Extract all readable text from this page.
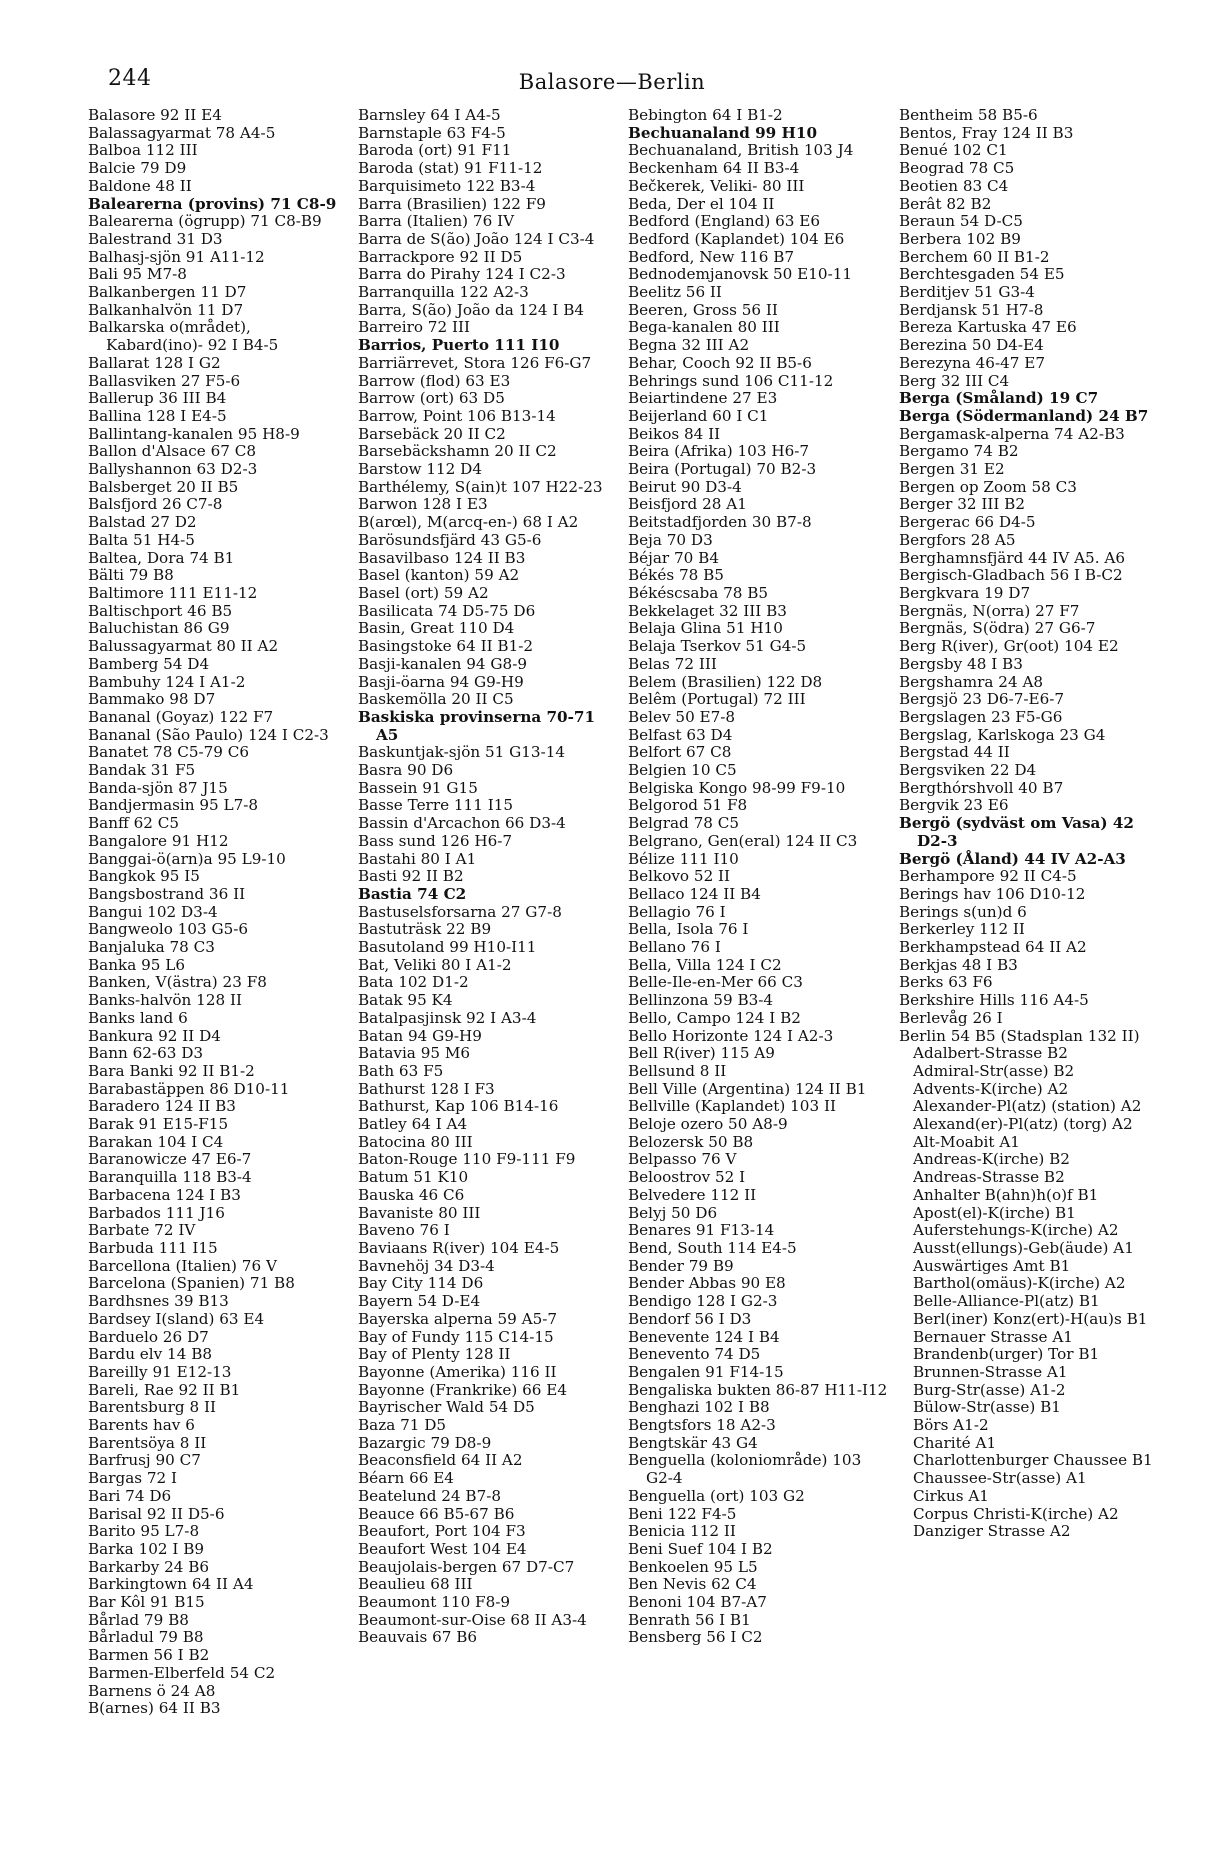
244	Balasore—Berlin
Balasore 92 II E4
Balassagyarmat 78 A4-5
Balboa 112 III
Balcie 79 D9
Baldone 48 II
Balearerna (provins) 71 C8-9
Balearerna (ögrupp) 71 C8-B9
Balestrand 31 D3
Balhasj-sjön 91 A11-12
Bali 95 M7-8
Balkanbergen 11 D7
Balkanhalvön 11 D7
Balkarska o(mrådet), Kabard(ino)- 92 I B4-5
Ballarat 128 I G2
Ballasviken 27 F5-6
Ballerup 36 III B4
Ballina 128 I E4-5
Ballintang-kanalen 95 H8-9
Ballon d'Alsace 67 C8
Ballyshannon 63 D2-3
Balsberget 20 II B5
Balsfjord 26 C7-8
Balstad 27 D2
Balta 51 H4-5
Baltea, Dora 74 B1
Bälti 79 B8
Baltimore 111 E11-12
Baltischport 46 B5
Baluchistan 86 G9
Balussagyarmat 80 II A2
Bamberg 54 D4
Bambuhy 124 I A1-2
Bammako 98 D7
Bananal (Goyaz) 122 F7
Bananal (São Paulo) 124 I C2-3
Banatet 78 C5-79 C6
Bandak 31 F5
Banda-sjön 87 J15
Bandjermasin 95 L7-8
Banff 62 C5
Bangalore 91 H12
Banggai-ö(arn)a 95 L9-10
Bangkok 95 I5
Bangsbostrand 36 II
Bangui 102 D3-4
Bangweolo 103 G5-6
Banjaluka 78 C3
Banka 95 L6
Banken, V(ästra) 23 F8
Banks-halvön 128 II
Banks land 6
Bankura 92 II D4
Bann 62-63 D3
Bara Banki 92 II B1-2
Barabastäppen 86 D10-11
Baradero 124 II B3
Barak 91 E15-F15
Barakan 104 I C4
Baranowicze 47 E6-7
Baranquilla 118 B3-4
Barbacena 124 I B3
Barbados 111 J16
Barbate 72 IV
Barbuda 111 I15
Barcellona (Italien) 76 V
Barcelona (Spanien) 71 B8
Bardhsnes 39 B13
Bardsey I(sland) 63 E4
Barduelo 26 D7
Bardu elv 14 B8
Bareilly 91 E12-13
Bareli, Rae 92 II B1
Barentsburg 8 II
Barents hav 6
Barentsöya 8 II
Barfrusj 90 C7
Bargas 72 I
Bari 74 D6
Barisal 92 II D5-6
Barito 95 L7-8
Barka 102 I B9
Barkarby 24 B6
Barkingtown 64 II A4
Bar Kôl 91 B15
Bårlad 79 B8
Bårladul 79 B8
Barmen 56 I B2
Barmen-Elberfeld 54 C2
Barnens ö 24 A8
B(arnes) 64 II B3
Barnsley 64 I A4-5
Barnstaple 63 F4-5
Baroda (ort) 91 F11
Baroda (stat) 91 F11-12
Barquisimeto 122 B3-4
Barra (Brasilien) 122 F9
Barra (Italien) 76 IV
Barra de S(ão) João 124 I C3-4
Barrackpore 92 II D5
Barra do Pirahy 124 I C2-3
Barranquilla 122 A2-3
Barra, S(ão) João da 124 I B4
Barreiro 72 III
Barrios, Puerto 111 I10
Barriärrevet, Stora 126 F6-G7
Barrow (flod) 63 E3
Barrow (ort) 63 D5
Barrow, Point 106 B13-14
Barsebäck 20 II C2
Barsebäckshamn 20 II C2
Barstow 112 D4
Barthélemy, S(ain)t 107 H22-23
Barwon 128 I E3
B(arœl), M(arcq-en-) 68 I A2
Barösundsfjärd 43 G5-6
Basavilbaso 124 II B3
Basel (kanton) 59 A2
Basel (ort) 59 A2
Basilicata 74 D5-75 D6
Basin, Great 110 D4
Basingstoke 64 II B1-2
Basji-kanalen 94 G8-9
Basji-öarna 94 G9-H9
Baskemölla 20 II C5
Baskiska provinserna 70-71 A5
Baskuntjak-sjön 51 G13-14
Basra 90 D6
Bassein 91 G15
Basse Terre 111 I15
Bassin d'Arcachon 66 D3-4
Bass sund 126 H6-7
Bastahi 80 I A1
Basti 92 II B2
Bastia 74 C2
Bastuselsforsarna 27 G7-8
Bastuträsk 22 B9
Basutoland 99 H10-I11
Bat, Veliki 80 I A1-2
Bata 102 D1-2
Batak 95 K4
Batalpasjinsk 92 I A3-4
Batan 94 G9-H9
Batavia 95 M6
Bath 63 F5
Bathurst 128 I F3
Bathurst, Kap 106 B14-16
Batley 64 I A4
Batocina 80 III
Baton-Rouge 110 F9-111 F9
Batum 51 K10
Bauska 46 C6
Bavaniste 80 III
Baveno 76 I
Baviaans R(iver) 104 E4-5
Bavnehöj 34 D3-4
Bay City 114 D6
Bayern 54 D-E4
Bayerska alperna 59 A5-7
Bay of Fundy 115 C14-15
Bay of Plenty 128 II
Bayonne (Amerika) 116 II
Bayonne (Frankrike) 66 E4
Bayrischer Wald 54 D5
Baza 71 D5
Bazargic 79 D8-9
Beaconsfield 64 II A2
Béarn 66 E4
Beatelund 24 B7-8
Beauce 66 B5-67 B6
Beaufort, Port 104 F3
Beaufort West 104 E4
Beaujolais-bergen 67 D7-C7
Beaulieu 68 III
Beaumont 110 F8-9
Beaumont-sur-Oise 68 II A3-4
Beauvais 67 B6
Bebington 64 I B1-2
Bechuanaland 99 H10
Bechuanaland, British 103 J4
Beckenham 64 II B3-4
Bečkerek, Veliki- 80 III
Beda, Der el 104 II
Bedford (England) 63 E6
Bedford (Kaplandet) 104 E6
Bedford, New 116 B7
Bednodemjanovsk 50 E10-11
Beelitz 56 II
Beeren, Gross 56 II
Bega-kanalen 80 III
Begna 32 III A2
Behar, Cooch 92 II B5-6
Behrings sund 106 C11-12
Beiartindene 27 E3
Beijerland 60 I C1
Beikos 84 II
Beira (Afrika) 103 H6-7
Beira (Portugal) 70 B2-3
Beirut 90 D3-4
Beisfjord 28 A1
Beitstadfjorden 30 B7-8
Beja 70 D3
Béjar 70 B4
Békés 78 B5
Békéscsaba 78 B5
Bekkelaget 32 III B3
Belaja Glina 51 H10
Belaja Tserkov 51 G4-5
Belas 72 III
Belem (Brasilien) 122 D8
Belêm (Portugal) 72 III
Belev 50 E7-8
Belfast 63 D4
Belfort 67 C8
Belgien 10 C5
Belgiska Kongo 98-99 F9-10
Belgorod 51 F8
Belgrad 78 C5
Belgrano, Gen(eral) 124 II C3
Bélize 111 I10
Belkovo 52 II
Bellaco 124 II B4
Bellagio 76 I
Bella, Isola 76 I
Bellano 76 I
Bella, Villa 124 I C2
Belle-Ile-en-Mer 66 C3
Bellinzona 59 B3-4
Bello, Campo 124 I B2
Bello Horizonte 124 I A2-3
Bell R(iver) 115 A9
Bellsund 8 II
Bell Ville (Argentina) 124 II B1
Bellville (Kaplandet) 103 II
Beloje ozero 50 A8-9
Belozersk 50 B8
Belpasso 76 V
Beloostrov 52 I
Belvedere 112 II
Belyj 50 D6
Benares 91 F13-14
Bend, South 114 E4-5
Bender 79 B9
Bender Abbas 90 E8
Bendigo 128 I G2-3
Bendorf 56 I D3
Benevente 124 I B4
Benevento 74 D5
Bengalen 91 F14-15
Bengaliska bukten 86-87 H11-I12
Benghazi 102 I B8
Bengtsfors 18 A2-3
Bengtskär 43 G4
Benguella (koloniområde) 103 G2-4
Benguella (ort) 103 G2
Beni 122 F4-5
Benicia 112 II
Beni Suef 104 I B2
Benkoelen 95 L5
Ben Nevis 62 C4
Benoni 104 B7-A7
Benrath 56 I B1
Bensberg 56 I C2
Bentheim 58 B5-6
Bentos, Fray 124 II B3
Benué 102 C1
Beograd 78 C5
Beotien 83 C4
Berât 82 B2
Beraun 54 D-C5
Berbera 102 B9
Berchem 60 II B1-2
Berchtesgaden 54 E5
Berditjev 51 G3-4
Berdjansk 51 H7-8
Bereza Kartuska 47 E6
Berezina 50 D4-E4
Berezyna 46-47 E7
Berg 32 III C4
Berga (Småland) 19 C7
Berga (Södermanland) 24 B7
Bergamask-alperna 74 A2-B3
Bergamo 74 B2
Bergen 31 E2
Bergen op Zoom 58 C3
Berger 32 III B2
Bergerac 66 D4-5
Bergfors 28 A5
Berghamnsfjärd 44 IV A5. A6
Bergisch-Gladbach 56 I B-C2
Bergkvara 19 D7
Bergnäs, N(orra) 27 F7
Bergnäs, S(ödra) 27 G6-7
Berg R(iver), Gr(oot) 104 E2
Bergsby 48 I B3
Bergshamra 24 A8
Bergsjö 23 D6-7-E6-7
Bergslagen 23 F5-G6
Bergslag, Karlskoga 23 G4
Bergstad 44 II
Bergsviken 22 D4
Bergthórshvoll 40 B7
Bergvik 23 E6
Bergö (sydväst om Vasa) 42 D2-3
Bergö (Åland) 44 IV A2-A3
Berhampore 92 II C4-5
Berings hav 106 D10-12
Berings s(un)d 6
Berkerley 112 II
Berkhampstead 64 II A2
Berkjas 48 I B3
Berks 63 F6
Berkshire Hills 116 A4-5
Berlevåg 26 I
Berlin 54 B5 (Stadsplan 132 II)
Adalbert-Strasse B2
Admiral-Str(asse) B2
Advents-K(irche) A2
Alexander-Pl(atz) (station) A2
Alexand(er)-Pl(atz) (torg) A2
Alt-Moabit A1
Andreas-K(irche) B2
Andreas-Strasse B2
Anhalter B(ahn)h(o)f B1
Apost(el)-K(irche) B1
Auferstehungs-K(irche) A2
Ausst(ellungs)-Geb(äude) A1
Auswärtiges Amt B1
Barthol(omäus)-K(irche) A2
Belle-Alliance-Pl(atz) B1
Berl(iner) Konz(ert)-H(au)s B1
Bernauer Strasse A1
Brandenb(urger) Tor B1
Brunnen-Strasse A1
Burg-Str(asse) A1-2
Bülow-Str(asse) B1
Börs A1-2
Charité A1
Charlottenburger Chaussee B1
Chaussee-Str(asse) A1
Cirkus A1
Corpus Christi-K(irche) A2
Danziger Strasse A2
